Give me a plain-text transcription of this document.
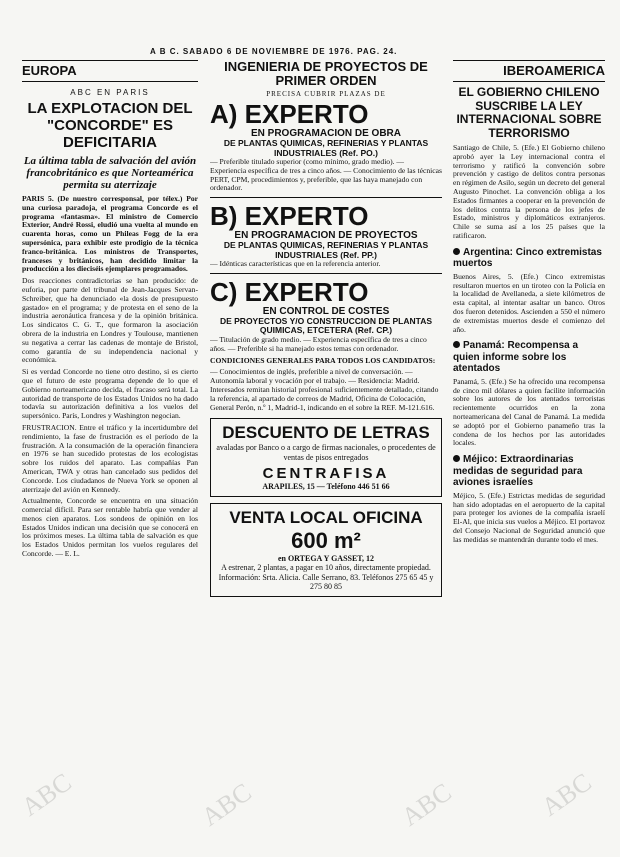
A B C. SABADO 6 DE NOVIEMBRE DE 1976. PAG. 24.
EUROPA
ABC EN PARIS
LA EXPLOTACION DEL "CONCORDE" ES DEFICITARIA
La última tabla de salvación del avión francobritánico es que Norteamérica permita su aterrizaje

PARIS 5. (De nuestro corresponsal, por télex.) Por una curiosa paradoja, el programa Concorde es el programa «fantasma». El ministro de Comercio Exterior, André Rossi, eludió una vuelta al mundo en cuarenta horas, como un Phileas Fogg de la era supersónica, para exhibir este prodigio de la técnica franco-británica. Los ministros de Transportes, franceses y británicos, han decidido limitar la producción a los dieciséis ejemplares programados.

Dos reacciones contradictorias se han producido: de euforia, por parte del tribunal de Jean-Jacques Servan-Schreiber, que ha denunciado «la dosis de presupuesto gastado» en el programa; y de protesta en el seno de la industria aeronáutica francesa y de la opinión británica. Los sindicatos C. G. T., que formaron la asociación obrera de la industria en Londres y Toulouse, mantienen su negativa a cerrar las cadenas de montaje de Bristol, como garantía de su independencia nacional y económica.

Si es verdad Concorde no tiene otro destino, si es cierto que el futuro de este programa depende de lo que el Gobierno norteamericano decida, el fracaso será total. La autoridad de transporte de los Estados Unidos no ha dado todavía su autorización definitiva a los vuelos del supersónico. París, Londres y Washington negocian.

FRUSTRACION. Entre el tráfico y la incertidumbre del rendimiento, la fase de frustración es el período de la frustración. A la consumación de la operación financiera en 1976 se han sucedido protestas de los ecologistas sobre los ruidos del aparato. Las compañías Pan American, TWA y otras han cancelado sus pedidos del Concorde. Los ciudadanos de Nueva York se oponen al aterrizaje del avión en Kennedy.

Actualmente, Concorde se encuentra en una situación comercial difícil. Para ser rentable habría que vender al menos cien aparatos. Los sondeos de opinión en los Estados Unidos indican una decisión que se conocerá en los próximos meses. La última tabla de salvación es que los Estados Unidos permitan los vuelos regulares del Concorde. — E. L.

INGENIERIA DE PROYECTOS DE PRIMER ORDEN
PRECISA CUBRIR PLAZAS DE
A) EXPERTO
EN PROGRAMACION DE OBRA
DE PLANTAS QUIMICAS, REFINERIAS Y PLANTAS INDUSTRIALES (Ref. PO.)

— Preferible titulado superior (como mínimo, grado medio). — Experiencia específica de tres a cinco años. — Conocimiento de las técnicas PERT, CPM, procedimientos y, preferible, que las haya manejado con ordenador.

B) EXPERTO
EN PROGRAMACION DE PROYECTOS
DE PLANTAS QUIMICAS, REFINERIAS Y PLANTAS INDUSTRIALES (Ref. PP.)

— Idénticas características que en la referencia anterior.

C) EXPERTO
EN CONTROL DE COSTES
DE PROYECTOS Y/O CONSTRUCCION DE PLANTAS QUIMICAS, ETCETERA (Ref. CP.)

— Titulación de grado medio. — Experiencia específica de tres a cinco años. — Preferible si ha manejado estos temas con ordenador.

CONDICIONES GENERALES PARA TODOS LOS CANDIDATOS:

— Conocimientos de inglés, preferible a nivel de conversación. — Autonomía laboral y vocación por el trabajo. — Residencia: Madrid. Interesados remitan historial profesional suficientemente detallado, citando la referencia, al apartado de correos de Madrid, Oficina de Colocación, General Perón, n.º 1, Madrid-1, indicando en el sobre la REF. M-121.616.

DESCUENTO DE LETRAS
avaladas por Banco o a cargo de firmas nacionales, o procedentes de ventas de pisos entregados
CENTRAFISA
ARAPILES, 15 — Teléfono 446 51 66
VENTA LOCAL OFICINA
600 m²
en ORTEGA Y GASSET, 12
A estrenar, 2 plantas, a pagar en 10 años, directamente propiedad. Información: Srta. Alicia. Calle Serrano, 83. Teléfonos 275 65 45 y 275 80 85
IBEROAMERICA
EL GOBIERNO CHILENO SUSCRIBE LA LEY INTERNACIONAL SOBRE TERRORISMO

Santiago de Chile, 5. (Efe.) El Gobierno chileno aprobó ayer la Ley internacional contra el terrorismo y ratificó la convención sobre prevención y castigo de delitos contra personas en régimen de Asilo, según un decreto del general Augusto Pinochet. La convención obliga a los Estados firmantes a cooperar en la prevención de los delitos contra la persona de los jefes de Estado, ministros y diplomáticos extranjeros. Chile se suma así a los 25 países que la ratificaron.

Argentina: Cinco extremistas muertos

Buenos Aires, 5. (Efe.) Cinco extremistas resultaron muertos en un tiroteo con la Policía en la localidad de Avellaneda, a siete kilómetros de esta capital, al intentar asaltar un banco. Otros dos fueron detenidos. Ascienden a 550 el número de extremistas muertos desde el comienzo del año.

Panamá: Recompensa a quien informe sobre los atentados

Panamá, 5. (Efe.) Se ha ofrecido una recompensa de cinco mil dólares a quien facilite información sobre los autores de los atentados terroristas recientemente ocurridos en la zona norteamericana del Canal de Panamá. La medida se adoptó por el Gobierno panameño tras la condena de los hechos por las autoridades locales.

Méjico: Extraordinarias medidas de seguridad para aviones israelíes

Méjico, 5. (Efe.) Estrictas medidas de seguridad han sido adoptadas en el aeropuerto de la capital para proteger los aviones de la compañía israelí El-Al, que inicia sus vuelos a Méjico. El portavoz del Consejo Nacional de Seguridad anunció que las medidas se mantendrán durante todo el mes.

ABC	ABC	ABC	ABC
